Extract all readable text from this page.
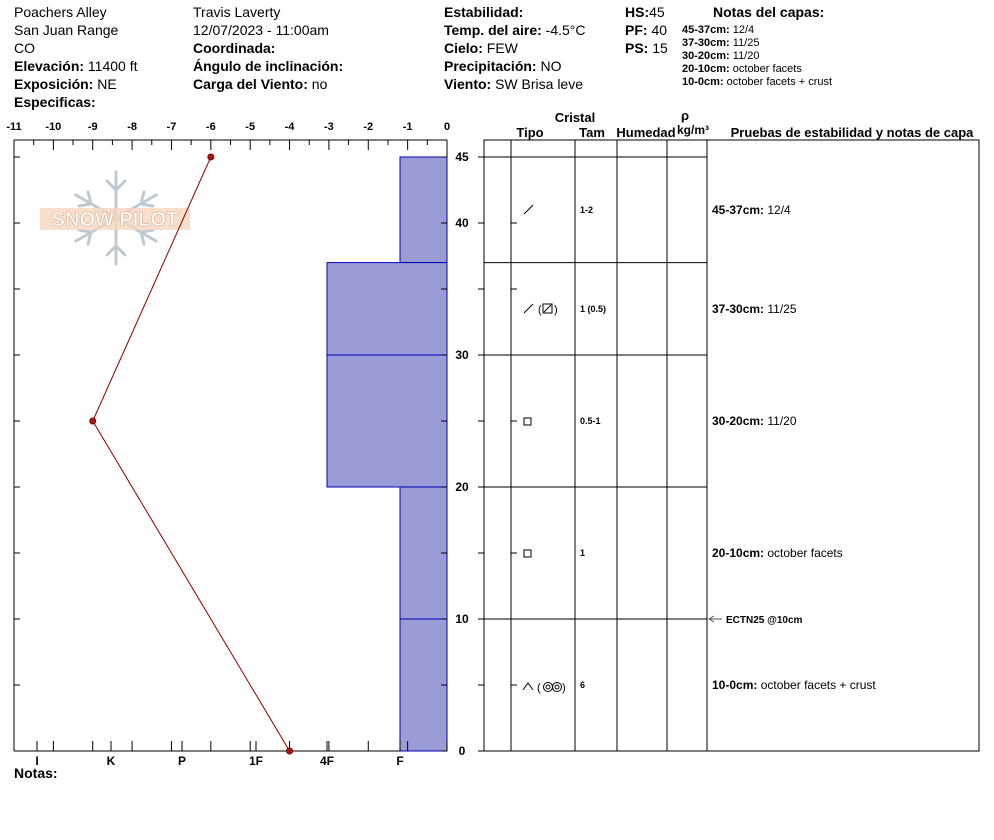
Poachers Alley
San Juan Range
CO
Elevación: 11400 ft
Exposición: NE
Especificas:
Travis Laverty
12/07/2023 - 11:00am
Coordinada:
Ángulo de inclinación:
Carga del Viento: no
Estabilidad:
Temp. del aire: -4.5°C
Cielo: FEW
Precipitación: NO
Viento: SW Brisa leve
HS:45
PF: 40
PS: 15
Notas del capas:
45-37cm: 12/4
37-30cm: 11/25
30-20cm: 11/20
20-10cm: october facets
10-0cm: october facets + crust
SNOW PILOT
-11 -10 -9	-8	-7	-6	-5	-4	-3	-2	-1	0
0
10
20
30
40
45
I	K	P	1F	4F	F
Cristal
Tipo	Tam Humedad
ρ
kg/m³ Pruebas de estabilidad y notas de capa
1-2	45-37cm: 12/4
1 (0.5)	37-30cm: 11/25
0.5-1	30-20cm: 11/20
1	20-10cm: october facets
6	10-0cm: october facets + crust
ECTN25 @10cm
( )
( )
Notas:
